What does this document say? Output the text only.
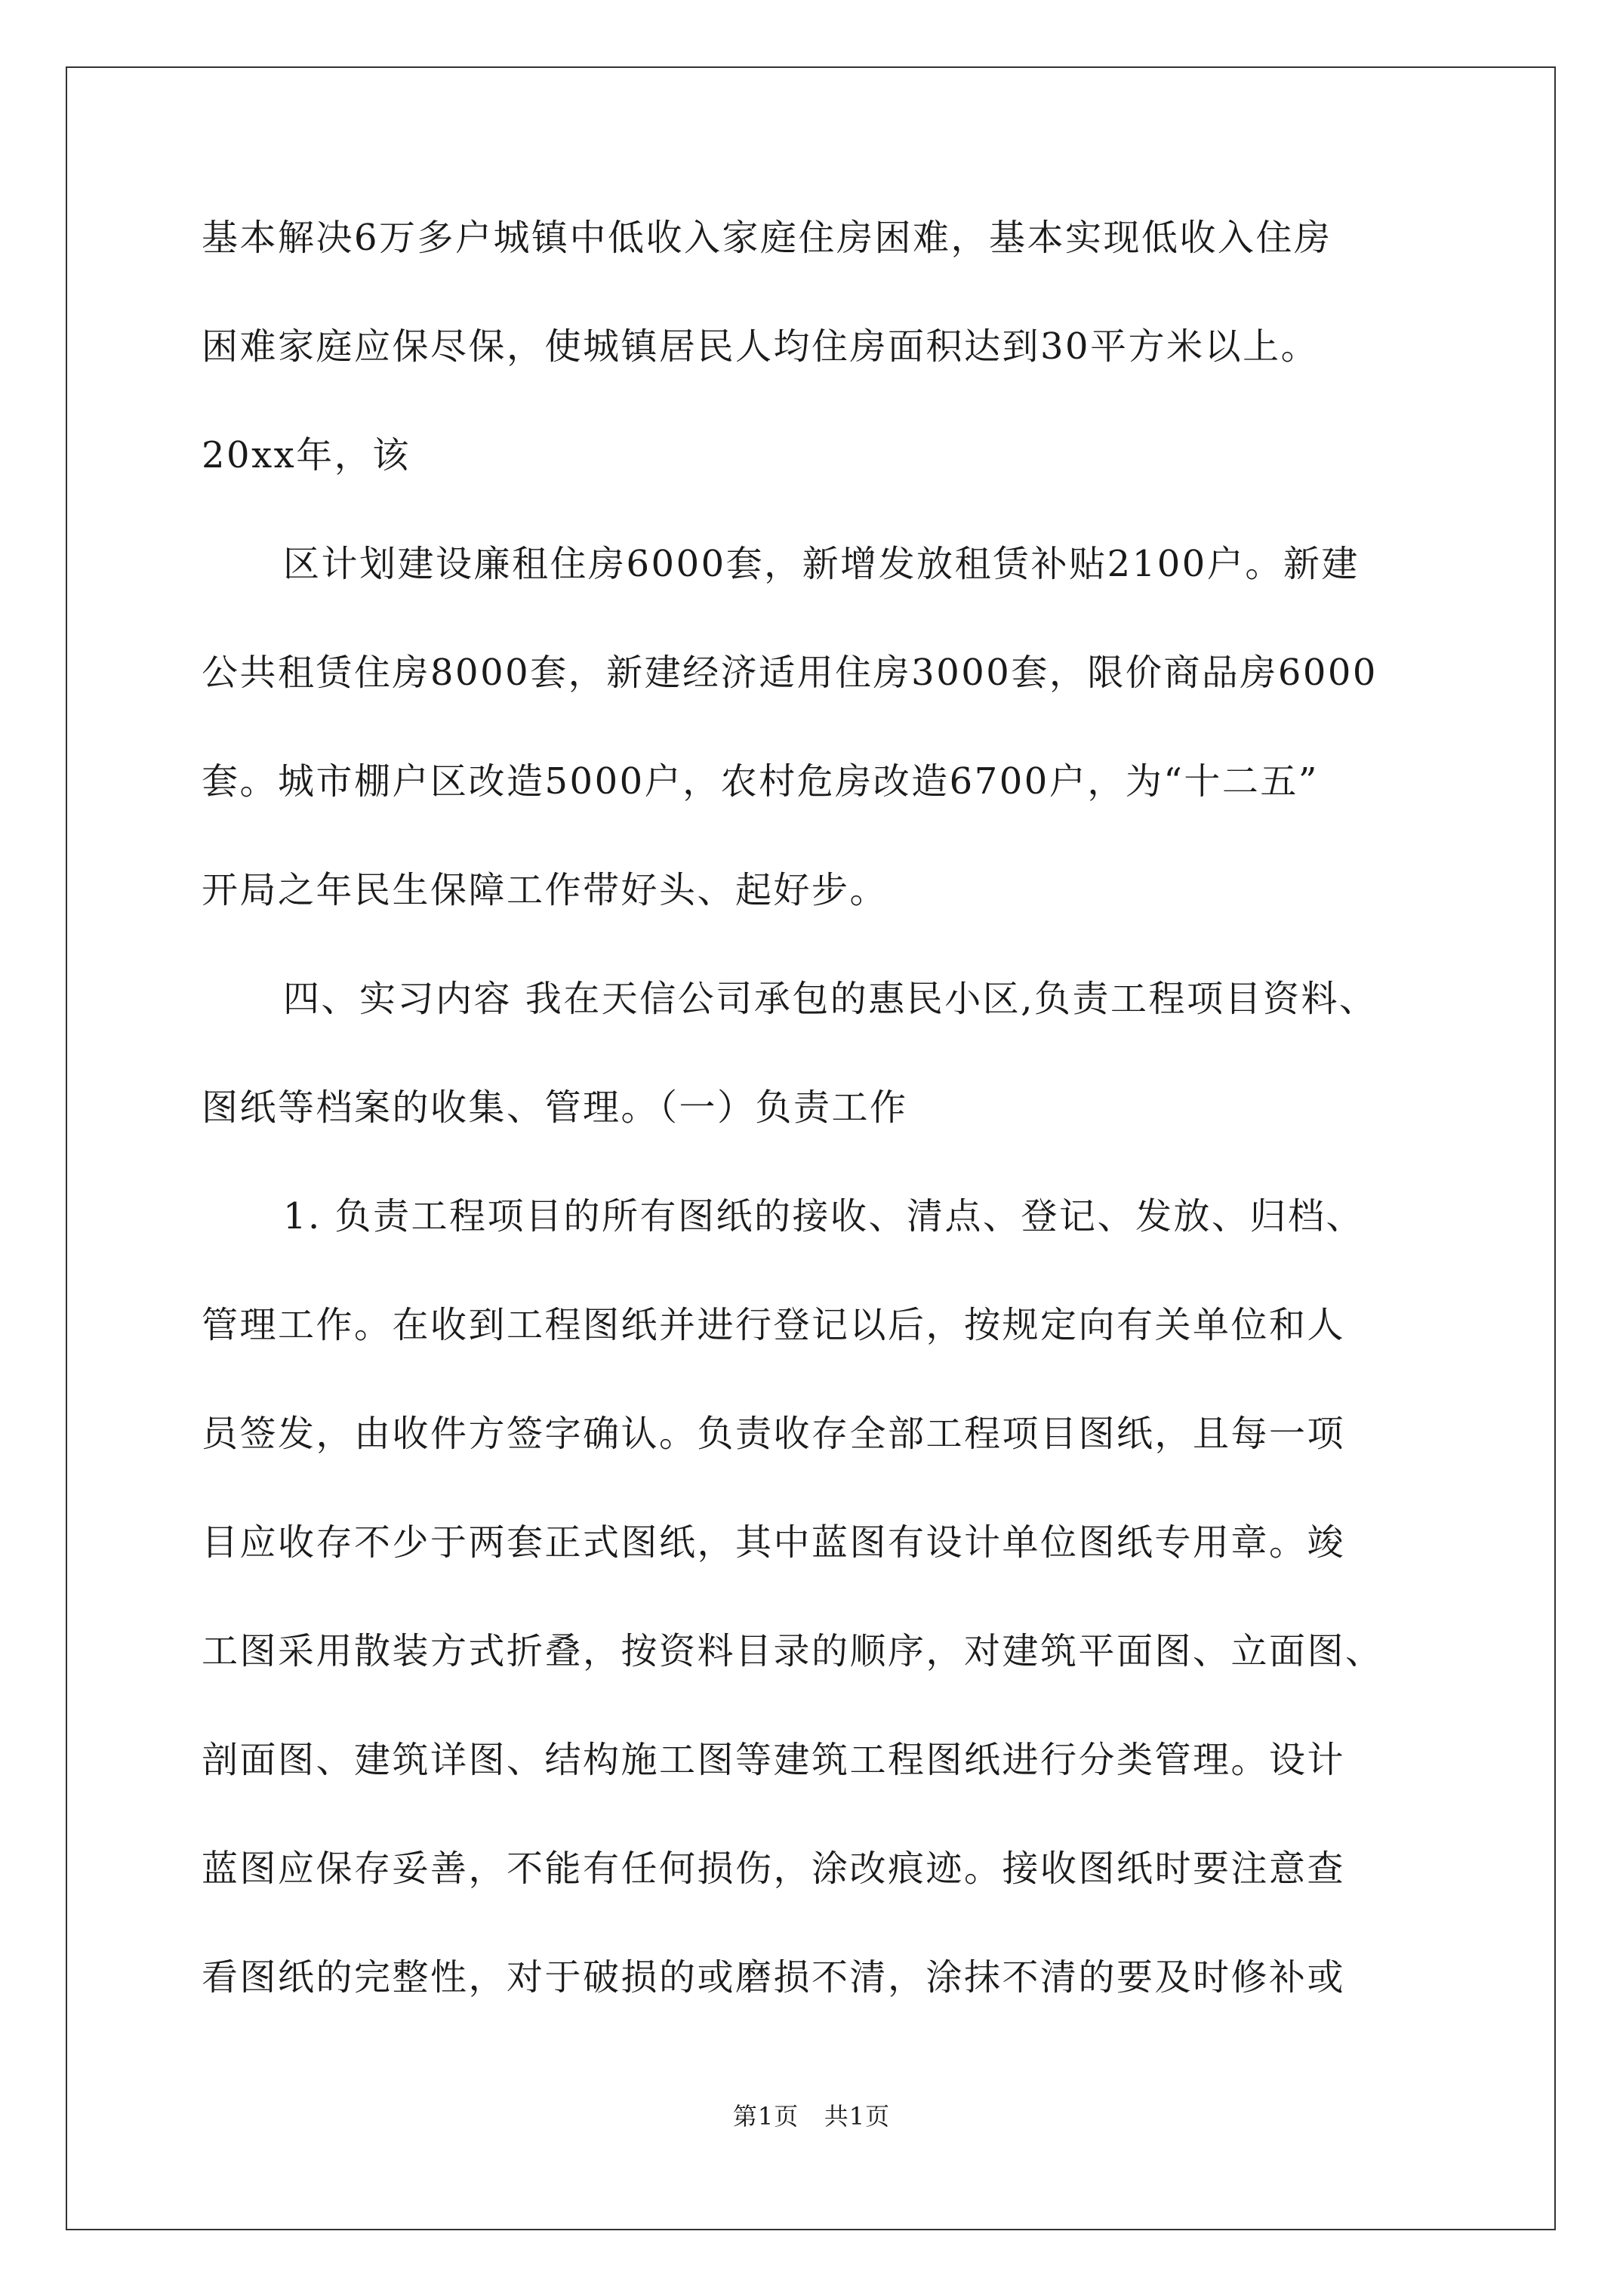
基本解决6万多户城镇中低收入家庭住房困难，基本实现低收入住房
困难家庭应保尽保，使城镇居民人均住房面积达到30平方米以上。
20xx年，该
区计划建设廉租住房6000套，新增发放租赁补贴2100户。新建
公共租赁住房8000套，新建经济适用住房3000套，限价商品房6000
套。城市棚户区改造5000户，农村危房改造6700户，为“十二五”
开局之年民生保障工作带好头、起好步。
四、实习内容 我在天信公司承包的惠民小区,负责工程项目资料、
图纸等档案的收集、管理。（一）负责工作
1. 负责工程项目的所有图纸的接收、清点、登记、发放、归档、
管理工作。在收到工程图纸并进行登记以后，按规定向有关单位和人
员签发，由收件方签字确认。负责收存全部工程项目图纸，且每一项
目应收存不少于两套正式图纸，其中蓝图有设计单位图纸专用章。竣
工图采用散装方式折叠，按资料目录的顺序，对建筑平面图、立面图、
剖面图、建筑详图、结构施工图等建筑工程图纸进行分类管理。设计
蓝图应保存妥善，不能有任何损伤，涂改痕迹。接收图纸时要注意查
看图纸的完整性，对于破损的或磨损不清，涂抹不清的要及时修补或
第1页   共1页
